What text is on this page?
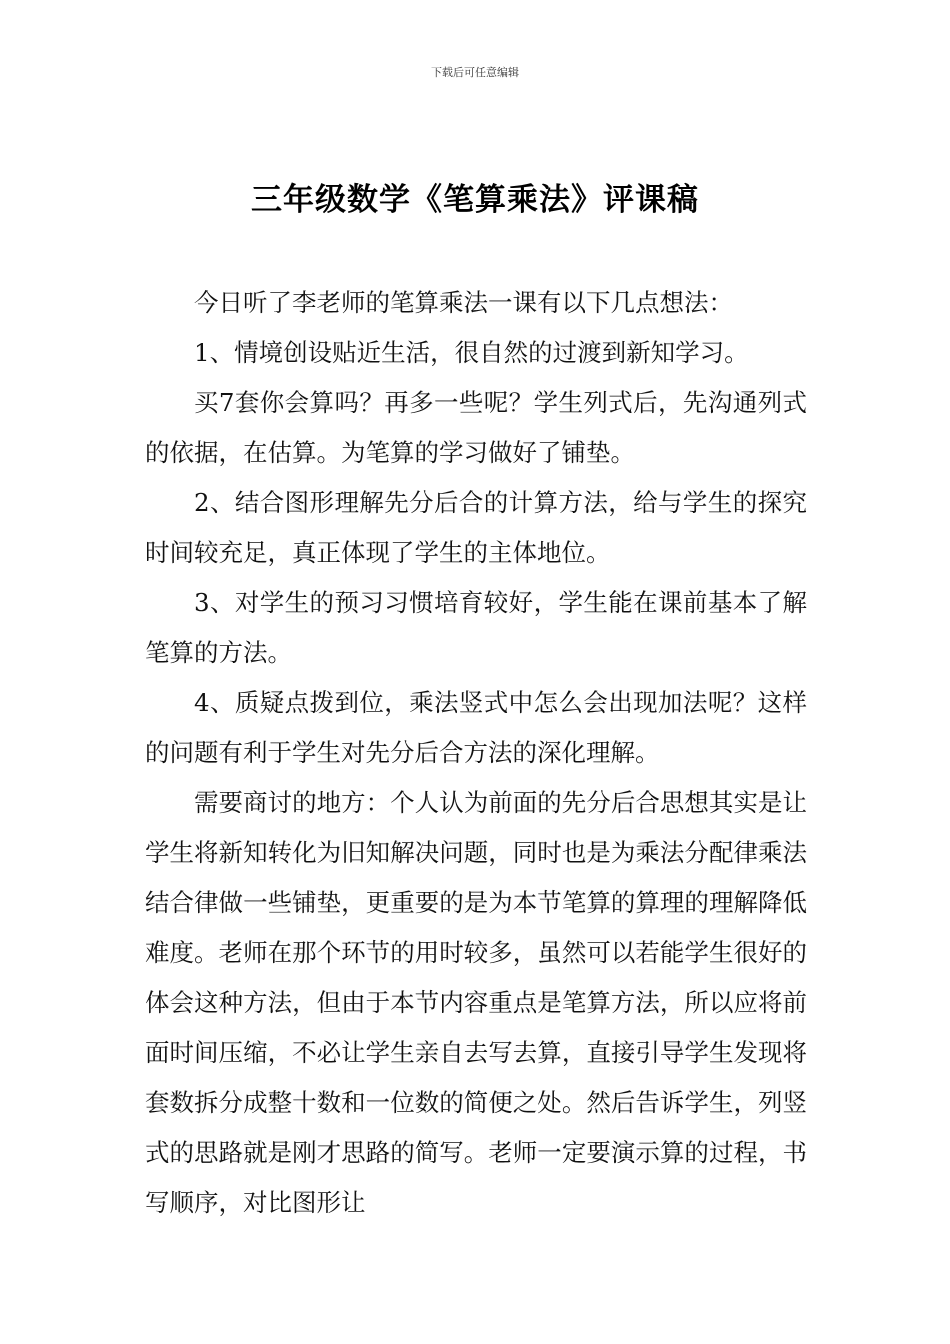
下载后可任意编辑
三年级数学《笔算乘法》评课稿

今日听了李老师的笔算乘法一课有以下几点想法：

1、情境创设贴近生活，很自然的过渡到新知学习。

买7套你会算吗？再多一些呢？学生列式后，先沟通列式的依据，在估算。为笔算的学习做好了铺垫。

2、结合图形理解先分后合的计算方法，给与学生的探究时间较充足，真正体现了学生的主体地位。

3、对学生的预习习惯培育较好，学生能在课前基本了解笔算的方法。

4、质疑点拨到位，乘法竖式中怎么会出现加法呢？这样的问题有利于学生对先分后合方法的深化理解。

需要商讨的地方：个人认为前面的先分后合思想其实是让学生将新知转化为旧知解决问题，同时也是为乘法分配律乘法结合律做一些铺垫，更重要的是为本节笔算的算理的理解降低难度。老师在那个环节的用时较多，虽然可以若能学生很好的体会这种方法，但由于本节内容重点是笔算方法，所以应将前面时间压缩，不必让学生亲自去写去算，直接引导学生发现将套数拆分成整十数和一位数的简便之处。然后告诉学生，列竖式的思路就是刚才思路的简写。老师一定要演示算的过程，书写顺序，对比图形让
